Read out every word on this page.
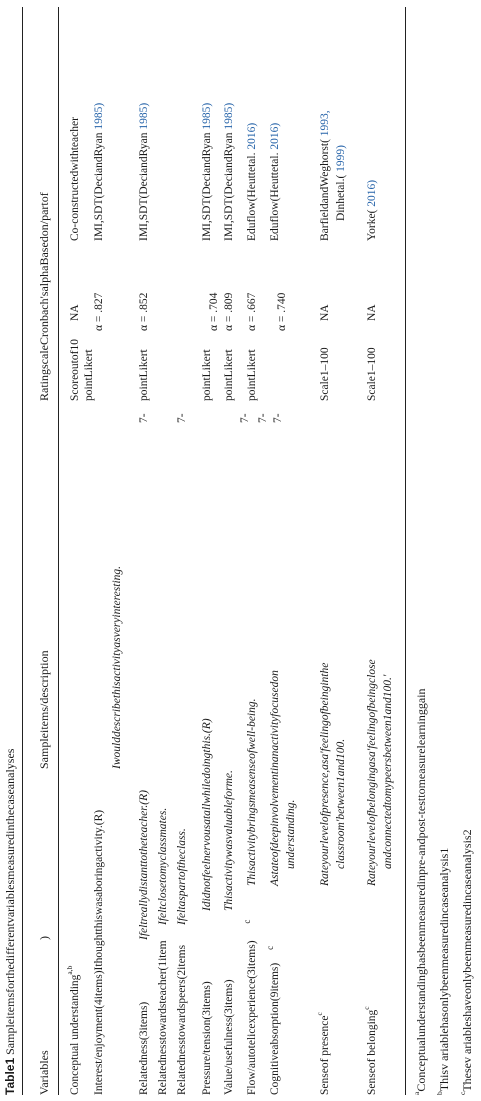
Table1 Sampleitemsforthedifferentvariablesmeasuredinthecaseanalyses
Variables
)
Sampleitems/description
RatingscaleCronbach'salphaBasedon/partof
Conceptual understanding$^{a,b}$
Scoreoutof10
NA
Co-constructedwithteacher
Interest/enjoyment(4items)Ithoughtthiswasaboringactivity.(R)
pointLikert
α = .827
IMI,SDT(DeciandRyan 1985)
Iwoulddescribethisactivityasveryinteresting.
Relatedness(3items)
Ifeltreallydistanttotheteacher.(R)
pointLikert
α = .852
IMI,SDT(DeciandRyan 1985)
7-
Relatednesstowardsteacher(1item
Ifeltclosetomyclassmates.
Relatednesstowardspeers(2items
Ifeltaspartoftheclass.
7-
Pressure/tension(3items)
Ididnotfeelnervousatallwhiledoingthis.(R)
pointLikert
α = .704
IMI,SDT(DeciandRyan 1985)
Value/usefulness(3items)
Thisactivitywasvaluableforme.
pointLikert
α = .809
IMI,SDT(DeciandRyan 1985)
Flow/autotelicexperience(3items) $^c$
Thisactivitybringsmeasenseofwell-being.
7-
pointLikert
α = .667
Eduflow(Heuttetal. 2016)
Cognitiveabsorption(9items) $^c$
Astateofdeepinvolvementinanactivityfocusedon understanding.
7- 7-
α = .740
Eduflow(Heuttetal. 2016)
Senseof presence$^c$
Rateyourlevelofpresence,asa'feelingofbeinginthe classroom'between1and100.
Scale1–100
NA
BarfieldandWeghorst( 1993,
Dinhetal.( 1999)
Senseof belonging$^c$
Rateyourlevelofbelongingasa'feelingofbeingclose andconnectedtomypeersbetween1and100.'
Scale1–100
NA
Yorke( 2016)
$^a$Conceptualunderstandinghasbeenmeasuredinpre-andpost-testtomeasurelearninggain
$^b$Thisv ariablehasonlybeenmeasuredincaseanalysis1
$^c$Thesev ariableshaveonlybeenmeasuredincaseanalysis2
